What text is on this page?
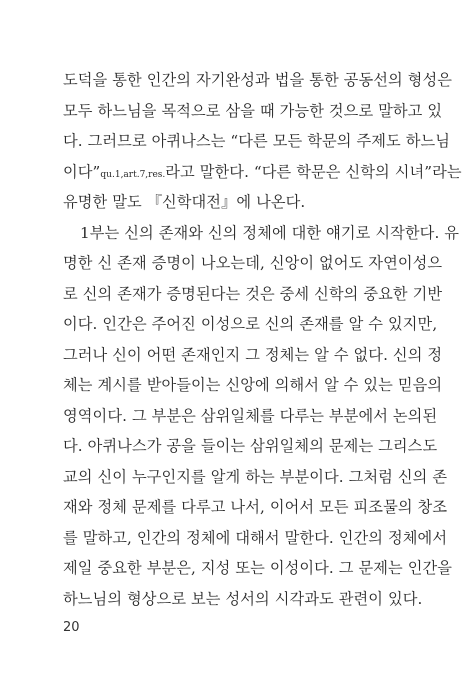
도덕을 통한 인간의 자기완성과 법을 통한 공동선의 형성은
모두 하느님을 목적으로 삼을 때 가능한 것으로 말하고 있
다. 그러므로 아퀴나스는 “다른 모든 학문의 주제도 하느님
이다”qu.1,art.7,res.라고 말한다. “다른 학문은 신학의 시녀”라는
유명한 말도 『신학대전』에 나온다.
1부는 신의 존재와 신의 정체에 대한 얘기로 시작한다. 유
명한 신 존재 증명이 나오는데, 신앙이 없어도 자연이성으
로 신의 존재가 증명된다는 것은 중세 신학의 중요한 기반
이다. 인간은 주어진 이성으로 신의 존재를 알 수 있지만,
그러나 신이 어떤 존재인지 그 정체는 알 수 없다. 신의 정
체는 계시를 받아들이는 신앙에 의해서 알 수 있는 믿음의
영역이다. 그 부분은 삼위일체를 다루는 부분에서 논의된
다. 아퀴나스가 공을 들이는 삼위일체의 문제는 그리스도
교의 신이 누구인지를 알게 하는 부분이다. 그처럼 신의 존
재와 정체 문제를 다루고 나서, 이어서 모든 피조물의 창조
를 말하고, 인간의 정체에 대해서 말한다. 인간의 정체에서
제일 중요한 부분은, 지성 또는 이성이다. 그 문제는 인간을
하느님의 형상으로 보는 성서의 시각과도 관련이 있다.
20
